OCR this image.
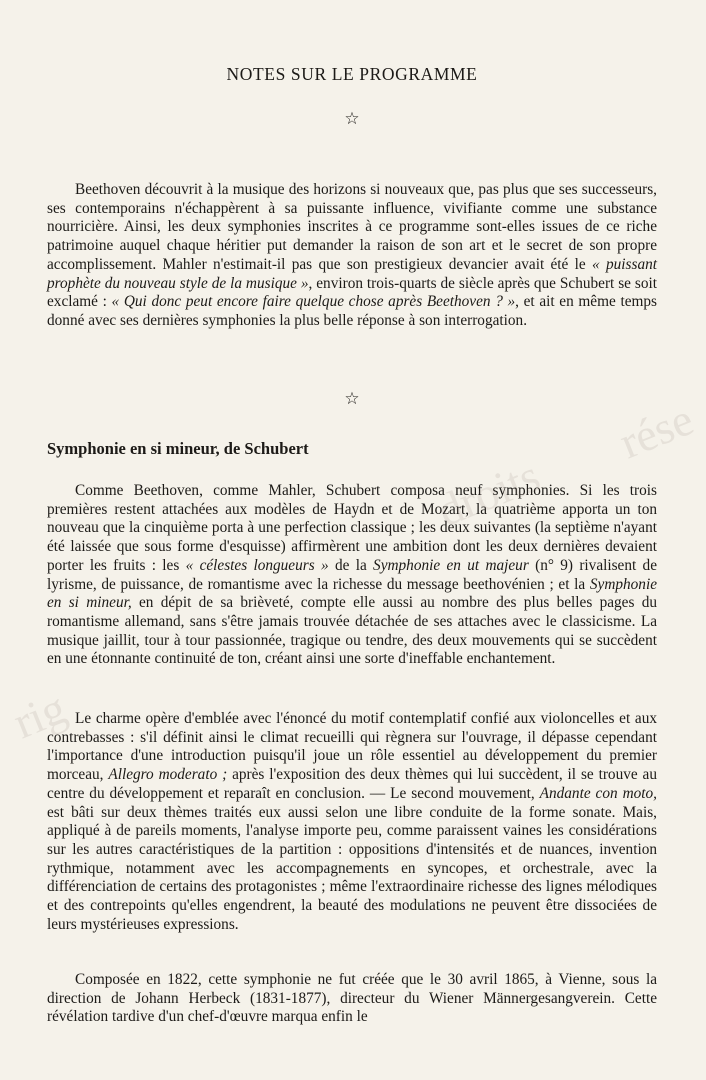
NOTES SUR LE PROGRAMME
☆

Beethoven découvrit à la musique des horizons si nouveaux que, pas plus que ses successeurs, ses contemporains n'échappèrent à sa puissante influence, vivifiante comme une substance nourricière. Ainsi, les deux symphonies inscrites à ce programme sont-elles issues de ce riche patrimoine auquel chaque héritier put demander la raison de son art et le secret de son propre accomplissement. Mahler n'estimait-il pas que son prestigieux devancier avait été le « puissant prophète du nouveau style de la musique », environ trois-quarts de siècle après que Schubert se soit exclamé : « Qui donc peut encore faire quelque chose après Beethoven ? », et ait en même temps donné avec ses dernières symphonies la plus belle réponse à son interrogation.

☆
Symphonie en si mineur, de Schubert

Comme Beethoven, comme Mahler, Schubert composa neuf symphonies. Si les trois premières restent attachées aux modèles de Haydn et de Mozart, la quatrième apporta un ton nouveau que la cinquième porta à une perfection classique ; les deux suivantes (la septième n'ayant été laissée que sous forme d'esquisse) affirmèrent une ambition dont les deux dernières devaient porter les fruits : les « célestes longueurs » de la Symphonie en ut majeur (n° 9) rivalisent de lyrisme, de puissance, de romantisme avec la richesse du message beethovénien ; et la Symphonie en si mineur, en dépit de sa brièveté, compte elle aussi au nombre des plus belles pages du romantisme allemand, sans s'être jamais trouvée détachée de ses attaches avec le classicisme. La musique jaillit, tour à tour passionnée, tragique ou tendre, des deux mouvements qui se succèdent en une étonnante continuité de ton, créant ainsi une sorte d'ineffable enchantement.

Le charme opère d'emblée avec l'énoncé du motif contemplatif confié aux violoncelles et aux contrebasses : s'il définit ainsi le climat recueilli qui règnera sur l'ouvrage, il dépasse cependant l'importance d'une introduction puisqu'il joue un rôle essentiel au développement du premier morceau, Allegro moderato ; après l'exposition des deux thèmes qui lui succèdent, il se trouve au centre du développement et reparaît en conclusion. — Le second mouvement, Andante con moto, est bâti sur deux thèmes traités eux aussi selon une libre conduite de la forme sonate. Mais, appliqué à de pareils moments, l'analyse importe peu, comme paraissent vaines les considérations sur les autres caractéristiques de la partition : oppositions d'intensités et de nuances, invention rythmique, notamment avec les accompagnements en syncopes, et orchestrale, avec la différenciation de certains des protagonistes ; même l'extraordinaire richesse des lignes mélodiques et des contrepoints qu'elles engendrent, la beauté des modulations ne peuvent être dissociées de leurs mystérieuses expressions.

Composée en 1822, cette symphonie ne fut créée que le 30 avril 1865, à Vienne, sous la direction de Johann Herbeck (1831-1877), directeur du Wiener Männergesangverein. Cette révélation tardive d'un chef-d'œuvre marqua enfin le

rig
rése
droits
